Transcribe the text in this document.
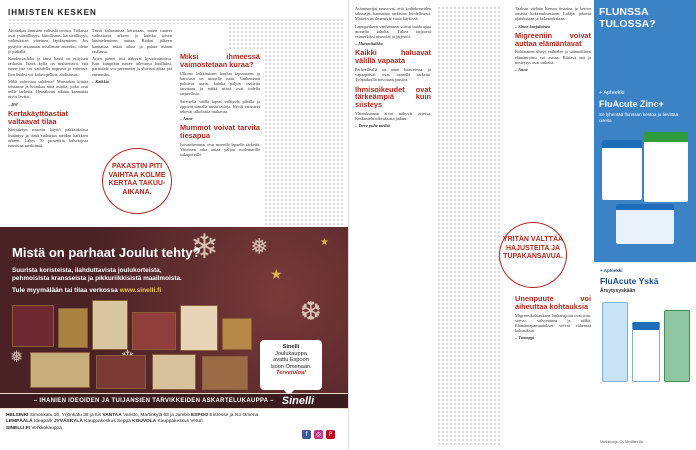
IHMISTEN KESKEN

Aloittakaa ihmisten välisistä teoista. Tällaisia ovat ystävällisyys, kiitollisuus, kärsivällisyys, vaikeuksien yhteinen läpikäyminen. Jos pystytte antamaan toisillenne anteeksi, olette jo pitkällä.

Kaudenvaihdot ja tämä kausi on erityisen raskasta. Ikävä kyllä on muistettava, että tunne itse voi vaihdella nopeasti ja vahvasti. Ilon lisäksi voi kokea pelkoa, ahdistusta.

Mikä vahvistaa suhdetta? Muistakaa kiittää toisianne ja hoitakaa niitä asioita, jotka ovat teille tärkeitä. Heinäkuun aikana kannattaa myös levätä.

– RW

Kertakäyttöastiat valtaavat tilaa

Kierrätetyn muovin käyttö pakkauksissa lisääntyy ja tämä vaikuttaa meidän kaikkien arkeen. Lähes 70 prosenttia kuluttajista tunnistaa merkinnät.

Tässä kolumnissa kerrotaan, miten tunteet vaikuttavat arkeen ja kuinka toisen kuunteleminen auttaa. Riidan jälkeen kannattaa antaa aikaa ja palata asiaan rauhassa.

Arjen pienet teot näkyvät hyvinvoinnissa. Kun kumpikin tuntee tulevansa kuulluksi, parisuhde voi paremmin ja yhteistä aikaa jää enemmän.

– Kaikkia

PAKASTIN PITI VAIHTAA KOLME KERTAA TAKUU-AIKANA.
Miksi ihmeessä vaimostetaan kuraa?

Ulkona leikkiminen kuuluu lapsuuteen ja kura-asu on monelle tuttu. Vanhemmat pohtivat usein, kuinka paljon vaatteita tarvitaan ja mitkä niistä ovat todella tarpeellisia.

Sateisella säällä lapset viihtyvät pihalla ja oppivat samalla uusia taitoja. Hyvät varusteet tekevät ulkoilusta mukavaa.

– Anne

Mummot voivat tarvita tiesapua

Isovanhemmat ovat monelle lapselle tärkeitä. Yhteinen aika antaa paljon molemmille sukupolville.

❄ ❅
❆
❅
★
★
Mistä on parhaat Joulut tehty?
Suurista koristeista, ilahduttavista joulukorteista,
pehmoisista kransseista ja pikkuriikkisistä maailmoista.
Tule myymälään tai tilaa verkossa www.sinelli.fi
Sinelli
Joulukauppa
avattu Espoon
Isoon Omenaan.
Tervetuloa!
– IHANIEN IDEOIDEN JA TUIJANSIEN TARVIKKEIDEN ASKARTELUKAUPPA – Sinelli
HELSINKI Simonkatu 10, Yrjönkatu 38 ja Itis VANTAA Varisto, Martinkylä 63 ja Jumbo ESPOO Entresse ja Iso Omena
LEMPÄÄLÄ Ideapark JYVÄSKYLÄ Kauppakeskus Seppä KOUVOLA Kauppakeskus Veturi
SINELLI.FI Verkkokauppa
f	◎	P

Asiantuntijat neuvovat, että kodinkoneiden takuuajat kannattaa tarkistaa huolellisesti. Monet viat ilmenevät vasta käytössä.

Lapsiperheen vanhemmat voivat saada apua monelta taholta. Tukea tarjoavat esimerkiksi neuvolat ja järjestöt.

– Mutsmitaikka

Kaikki haluavat välillä vapaata

Perheellisillä on omat haasteensa, ja vapaapäivät ovat monelle tärkeitä. Työpaikoilla toivotaan joustoa.

Ihmisoikeudet ovat tärkeämpiä kuin siisteys

Yhteiskunnan arvot näkyvät arjessa. Keskustelu oikeuksista jatkuu.

– Terve puhe meiltä

YRITÄN VÄLTTÄÄ HAJUSTEITA JA TUPAKANSAVUA.

Taaksin vielään hienoa tiistaina ja kertoo omasta kokemuksestaan. Lukijat jakavat ajatuksiaan ja kokemuksiaan.

– Sinne kurjalainen

Migreeniin voivat auttaa elämäntavat

Kohtausten tiheys vaihtelee ja säännöllinen elämänrytmi voi auttaa. Riittävä uni ja nesteytys ovat tärkeitä.

– Anne

Unenpuute voi aiheuttaa kohtauksia

Migreenikohtauksen laukaisijoita ovat mm. stressi, valvominen ja nälkä. Elämäntapamuutokset voivat vähentää kohtauksia.

– Tuomppi

FLUNSSA
TULOSSA?
+ Apteekki
FluAcute Zinc+
Se lyhentää flunssan kestoa ja lievittää oireita
+ Apteekki
FluAcute Yskä
Ärsytysyskään
Markkinoija: Oy Medfiles Ab
